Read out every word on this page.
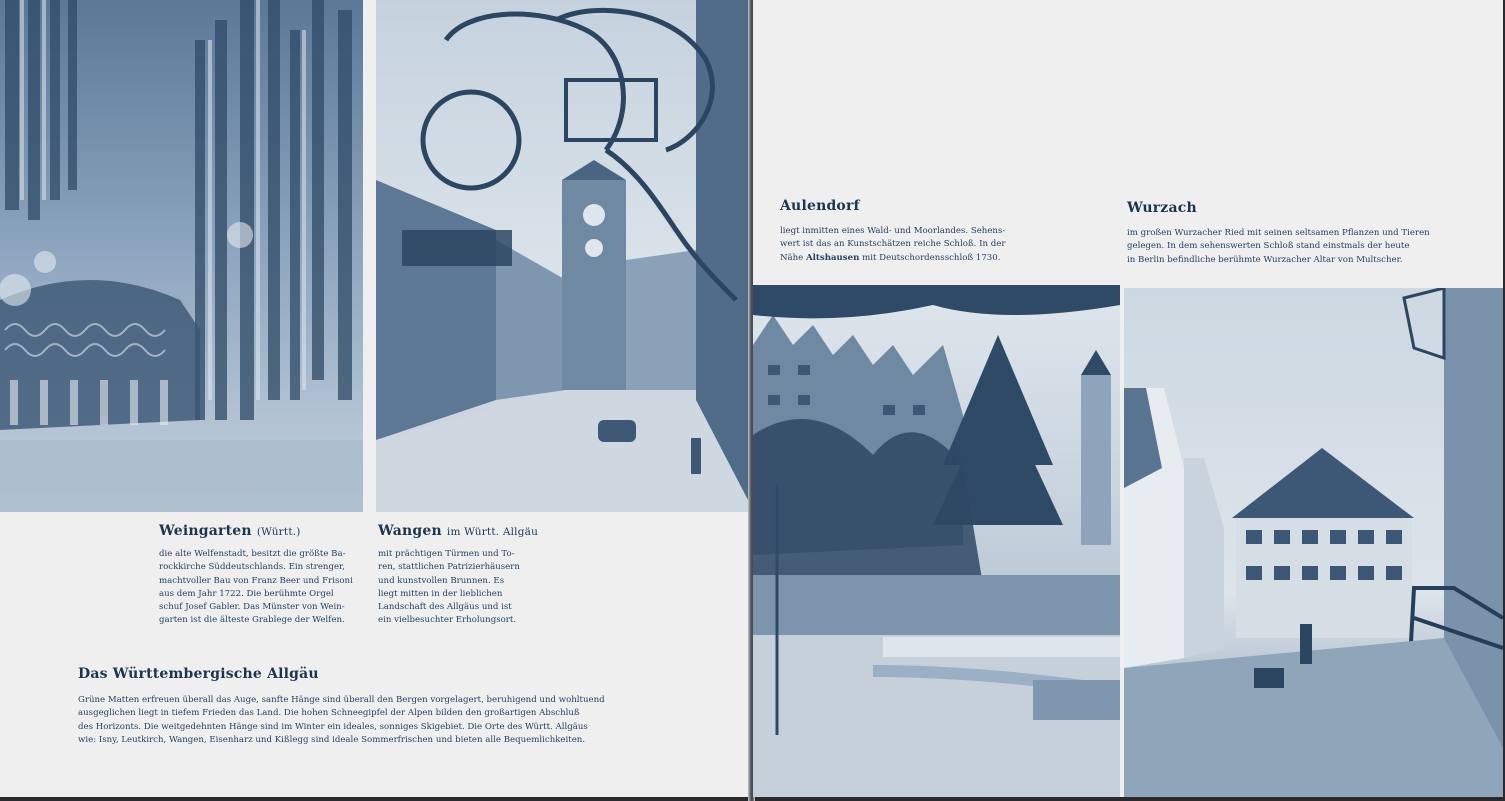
Weingarten (Württ.)

die alte Welfenstadt, besitzt die größte Ba-
rockkirche Süddeutschlands. Ein strenger,
machtvoller Bau von Franz Beer und Frisoni
aus dem Jahr 1722. Die berühmte Orgel
schuf Josef Gabler. Das Münster von Wein-
garten ist die älteste Grablege der Welfen.

Wangen im Württ. Allgäu

mit prächtigen Türmen und To-
ren, stattlichen Patrizierhäusern
und kunstvollen Brunnen. Es
liegt mitten in der lieblichen
Landschaft des Allgäus und ist
ein vielbesuchter Erholungsort.

Das Württembergische Allgäu

Grüne Matten erfreuen überall das Auge, sanfte Hänge sind überall den Bergen vorgelagert, beruhigend und wohltuend
ausgeglichen liegt in tiefem Frieden das Land. Die hohen Schneegipfel der Alpen bilden den großartigen Abschluß
des Horizonts. Die weitgedehnten Hänge sind im Winter ein ideales, sonniges Skigebiet. Die Orte des Württ. Allgäus
wie: Isny, Leutkirch, Wangen, Eisenharz und Kißlegg sind ideale Sommerfrischen und bieten alle Bequemlichkeiten.

Aulendorf

liegt inmitten eines Wald- und Moorlandes. Sehens-
wert ist das an Kunstschätzen reiche Schloß. In der
Nähe Altshausen mit Deutschordensschloß 1730.

Wurzach

im großen Wurzacher Ried mit seinen seltsamen Pflanzen und Tieren
gelegen. In dem sehenswerten Schloß stand einstmals der heute
in Berlin befindliche berühmte Wurzacher Altar von Multscher.
